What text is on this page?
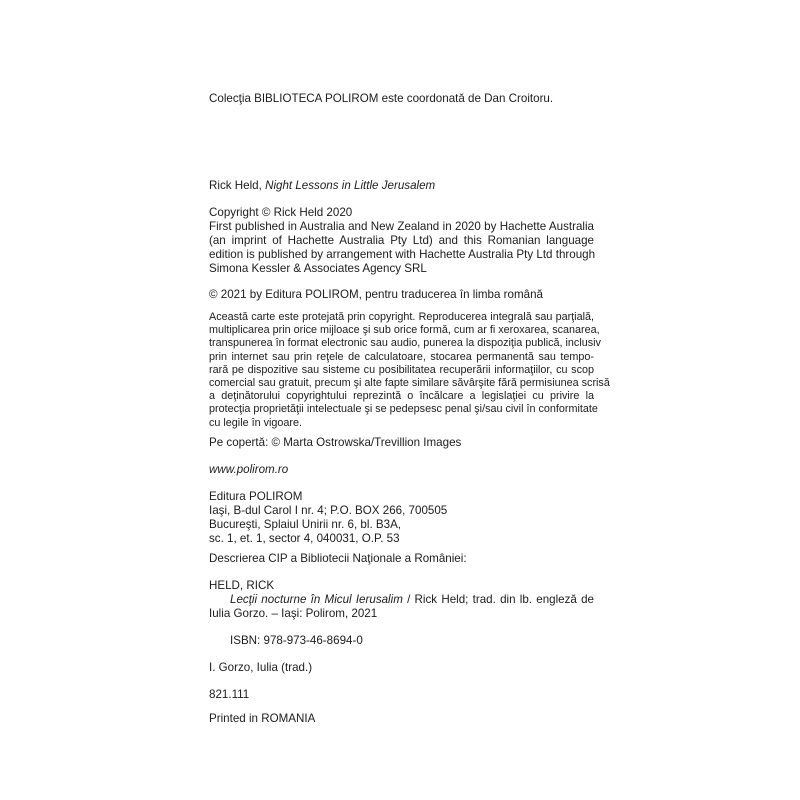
Colecţia BIBLIOTECA POLIROM este coordonată de Dan Croitoru.

Rick Held, Night Lessons in Little Jerusalem

Copyright © Rick Held 2020
First published in Australia and New Zealand in 2020 by Hachette Australia
(an imprint of Hachette Australia Pty Ltd) and this Romanian language
edition is published by arrangement with Hachette Australia Pty Ltd through
Simona Kessler & Associates Agency SRL

© 2021 by Editura POLIROM, pentru traducerea în limba română

Această carte este protejată prin copyright. Reproducerea integrală sau parţială,
multiplicarea prin orice mijloace şi sub orice formă, cum ar fi xeroxarea, scanarea,
transpunerea în format electronic sau audio, punerea la dispoziţia publică, inclusiv
prin internet sau prin reţele de calculatoare, stocarea permanentă sau tempo-
rară pe dispozitive sau sisteme cu posibilitatea recuperării informaţiilor, cu scop
comercial sau gratuit, precum şi alte fapte similare săvârşite fără permisiunea scrisă
a deţinătorului copyrightului reprezintă o încălcare a legislaţiei cu privire la
protecţia proprietăţii intelectuale şi se pedepsesc penal şi/sau civil în conformitate
cu legile în vigoare.

Pe copertă: © Marta Ostrowska/Trevillion Images

www.polirom.ro

Editura POLIROM
Iaşi, B-dul Carol I nr. 4; P.O. BOX 266, 700505
Bucureşti, Splaiul Unirii nr. 6, bl. B3A,
sc. 1, et. 1, sector 4, 040031, O.P. 53

Descrierea CIP a Bibliotecii Naţionale a României:

HELD, RICK
Lecţii nocturne în Micul Ierusalim / Rick Held; trad. din lb. engleză de
Iulia Gorzo. – Iaşi: Polirom, 2021

ISBN: 978-973-46-8694-0

I. Gorzo, Iulia (trad.)

821.111

Printed in ROMANIA
